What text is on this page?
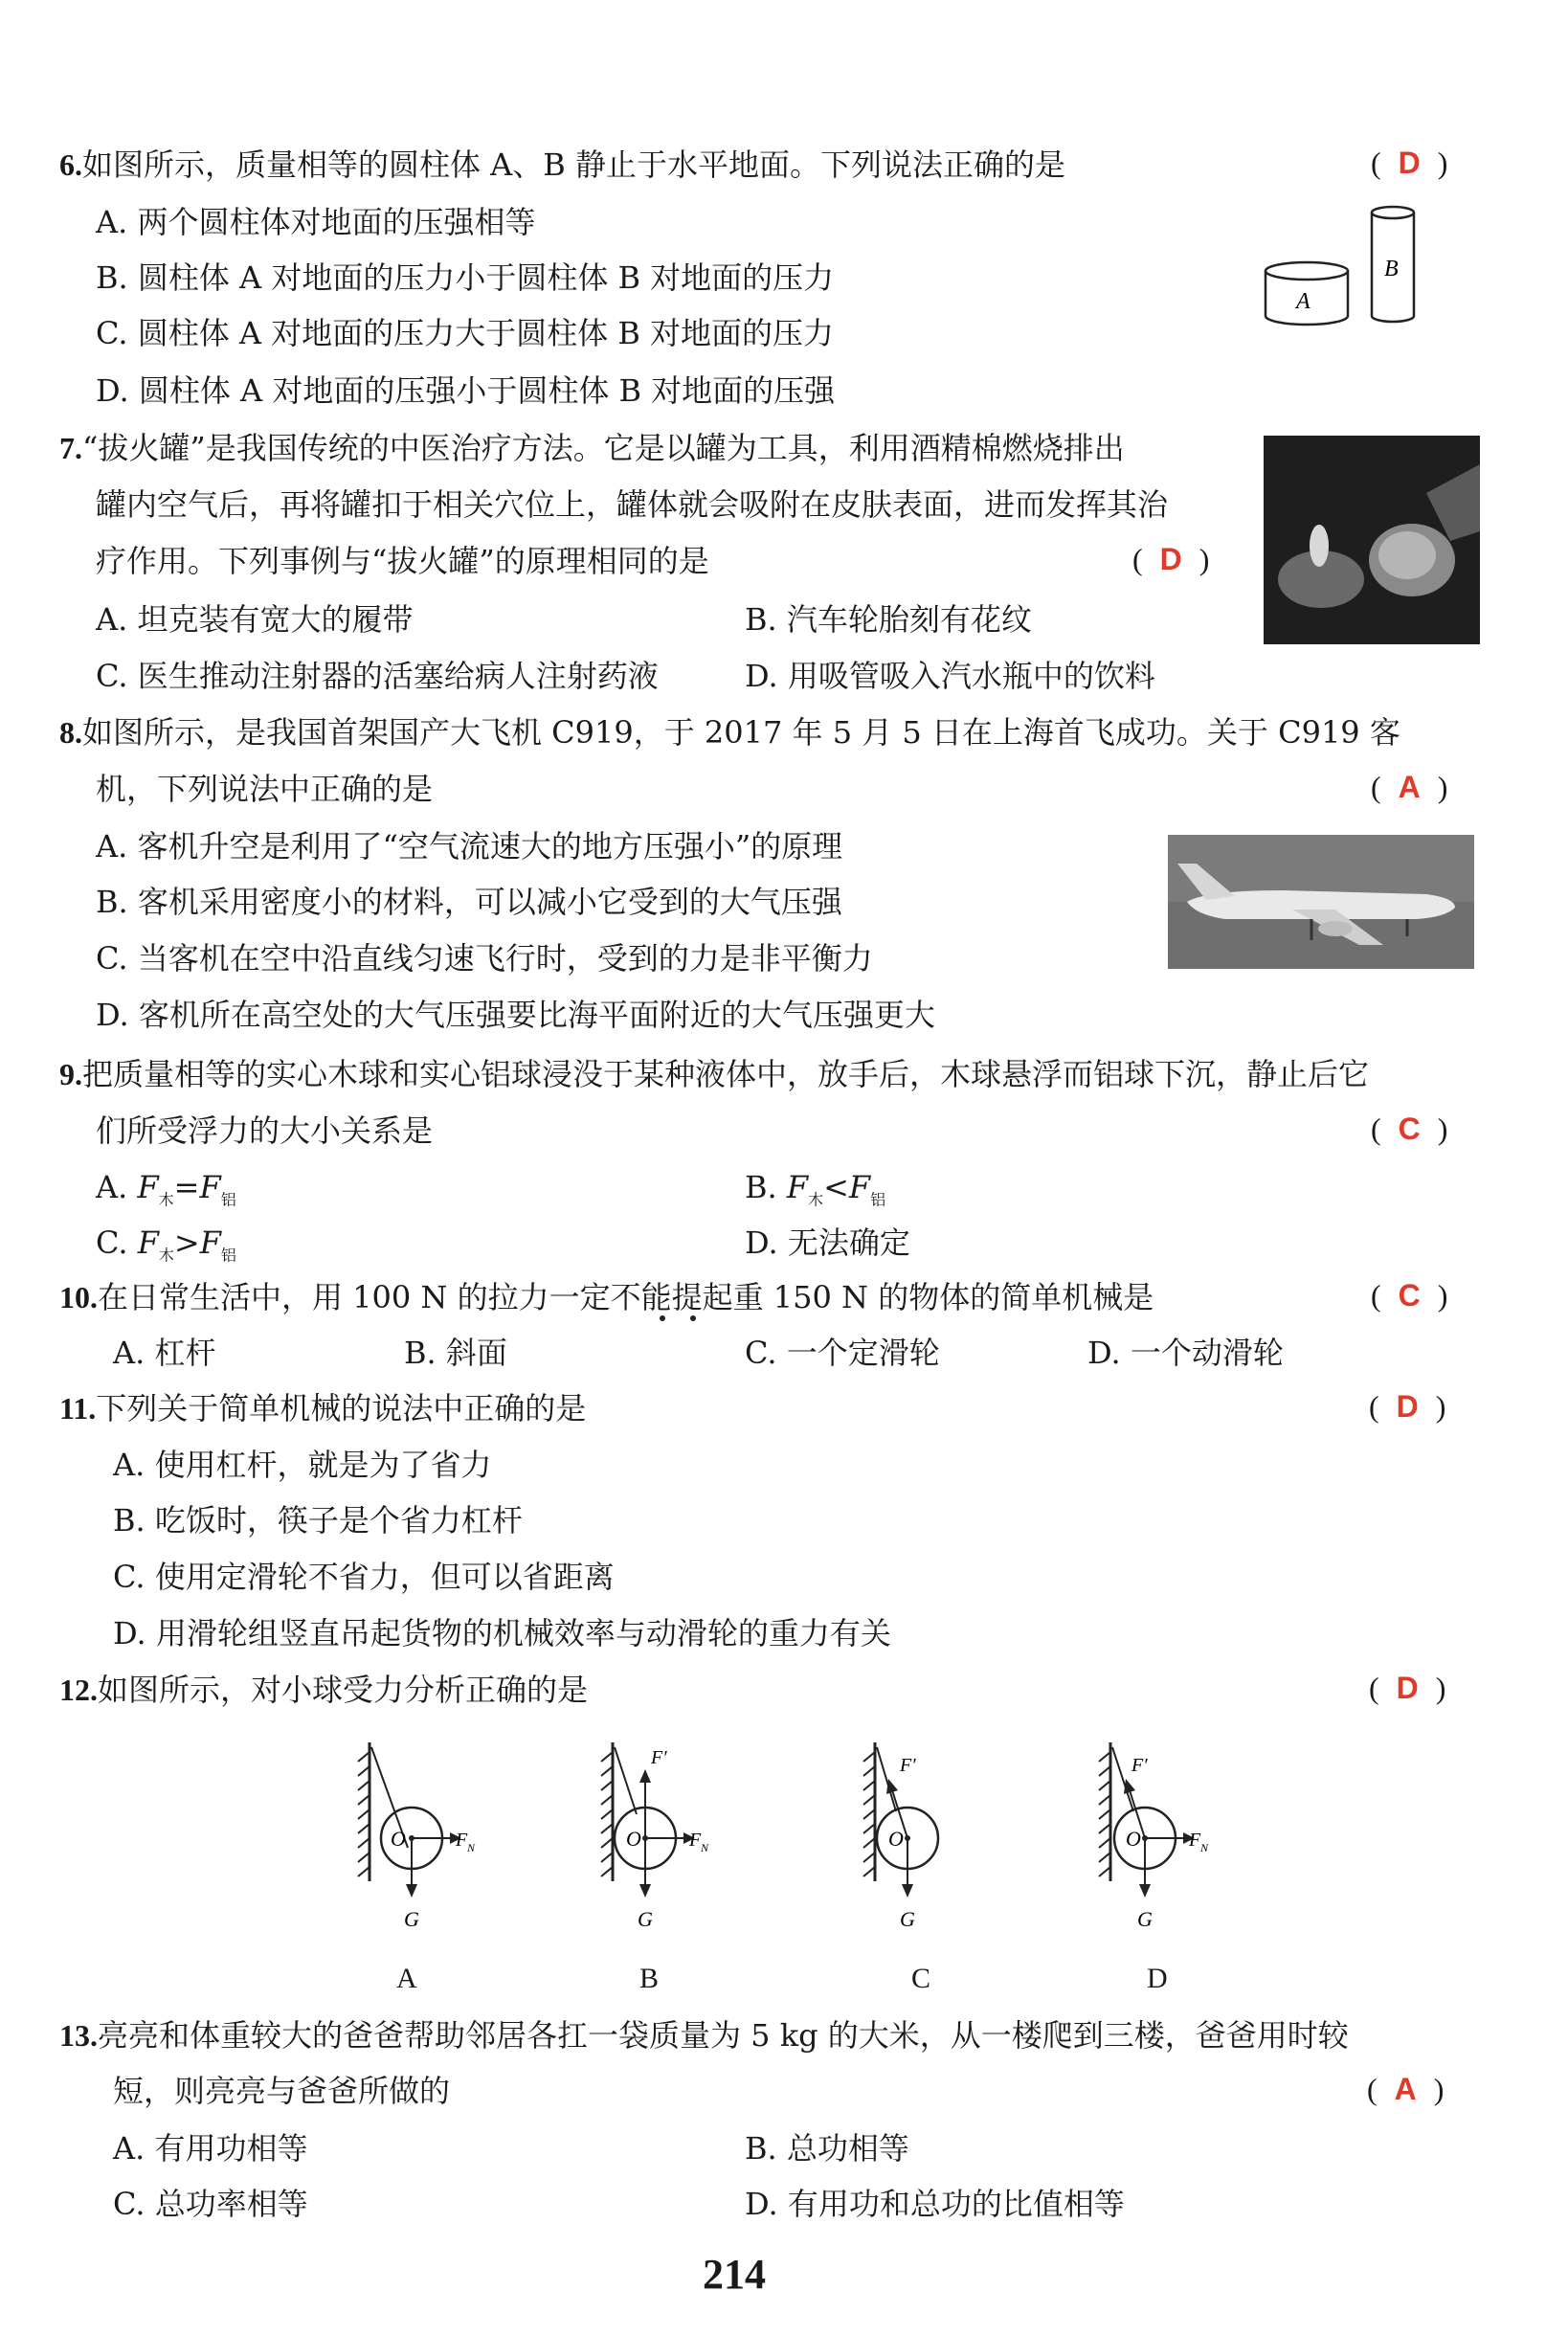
6.如图所示，质量相等的圆柱体 A、B 静止于水平地面。下列说法正确的是	( D )
A. 两个圆柱体对地面的压强相等
B. 圆柱体 A 对地面的压力小于圆柱体 B 对地面的压力
C. 圆柱体 A 对地面的压力大于圆柱体 B 对地面的压力
D. 圆柱体 A 对地面的压强小于圆柱体 B 对地面的压强
A
B
7.“拔火罐”是我国传统的中医治疗方法。它是以罐为工具，利用酒精棉燃烧排出
罐内空气后，再将罐扣于相关穴位上，罐体就会吸附在皮肤表面，进而发挥其治
疗作用。下列事例与“拔火罐”的原理相同的是	( D )
A. 坦克装有宽大的履带	B. 汽车轮胎刻有花纹
C. 医生推动注射器的活塞给病人注射药液	D. 用吸管吸入汽水瓶中的饮料
8.如图所示，是我国首架国产大飞机 C919，于 2017 年 5 月 5 日在上海首飞成功。关于 C919 客
机，下列说法中正确的是	( A )
A. 客机升空是利用了“空气流速大的地方压强小”的原理
B. 客机采用密度小的材料，可以减小它受到的大气压强
C. 当客机在空中沿直线匀速飞行时，受到的力是非平衡力
D. 客机所在高空处的大气压强要比海平面附近的大气压强更大
9.把质量相等的实心木球和实心铝球浸没于某种液体中，放手后，木球悬浮而铝球下沉，静止后它
们所受浮力的大小关系是	( C )
A. $F_木=F_铝$	B. $F_木<F_铝$
C. $F_木>F_铝$	D. 无法确定
10.在日常生活中，用 100 N 的拉力一定不能提起重 150 N 的物体的简单机械是	( C )
A. 杠杆	B. 斜面	C. 一个定滑轮	D. 一个动滑轮
11.下列关于简单机械的说法中正确的是	( D )
A. 使用杠杆，就是为了省力
B. 吃饭时，筷子是个省力杠杆
C. 使用定滑轮不省力，但可以省距离
D. 用滑轮组竖直吊起货物的机械效率与动滑轮的重力有关
12.如图所示，对小球受力分析正确的是	( D )
O	F N
G
O
F′
F N
G
O
F′
G
O
F′
F N
G
A	B	C	D
13.亮亮和体重较大的爸爸帮助邻居各扛一袋质量为 5 kg 的大米，从一楼爬到三楼，爸爸用时较
短，则亮亮与爸爸所做的	( A )
A. 有用功相等	B. 总功相等
C. 总功率相等	D. 有用功和总功的比值相等
214
